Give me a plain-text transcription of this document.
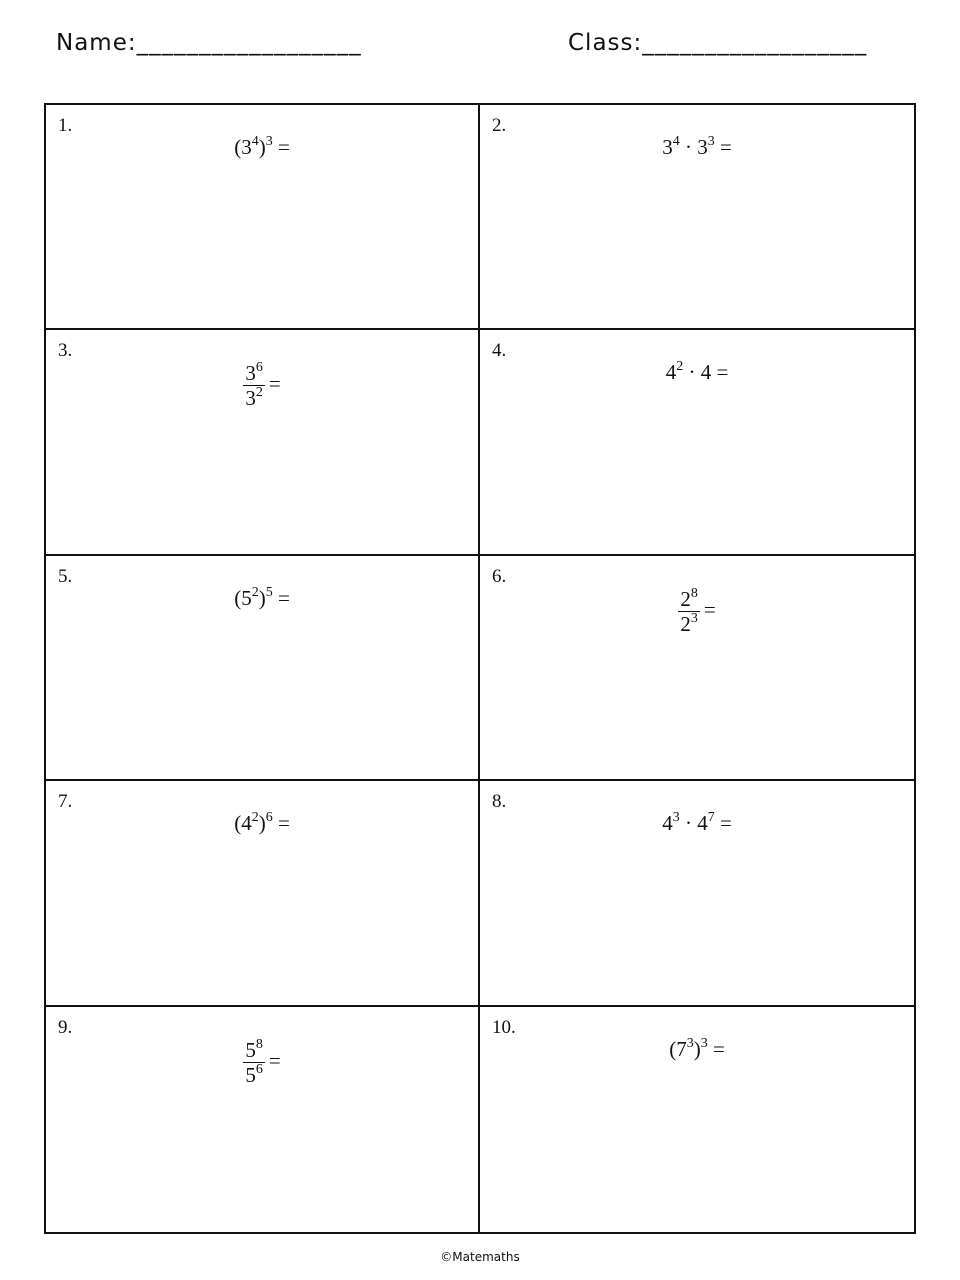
Name:__________________	Class:__________________
1.
$(3^4)^3$ =
2.
$3^4 \cdot 3^3$ =
3.
$\frac{3^6}{3^2}$ =
4.
$4^2 \cdot 4$ =
5.
$(5^2)^5$ =
6.
$\frac{2^8}{2^3}$ =
7.
$(4^2)^6$ =
8.
$4^3 \cdot 4^7$ =
9.
$\frac{5^8}{5^6}$ =
10.
$(7^3)^3$ =
©Matemaths
